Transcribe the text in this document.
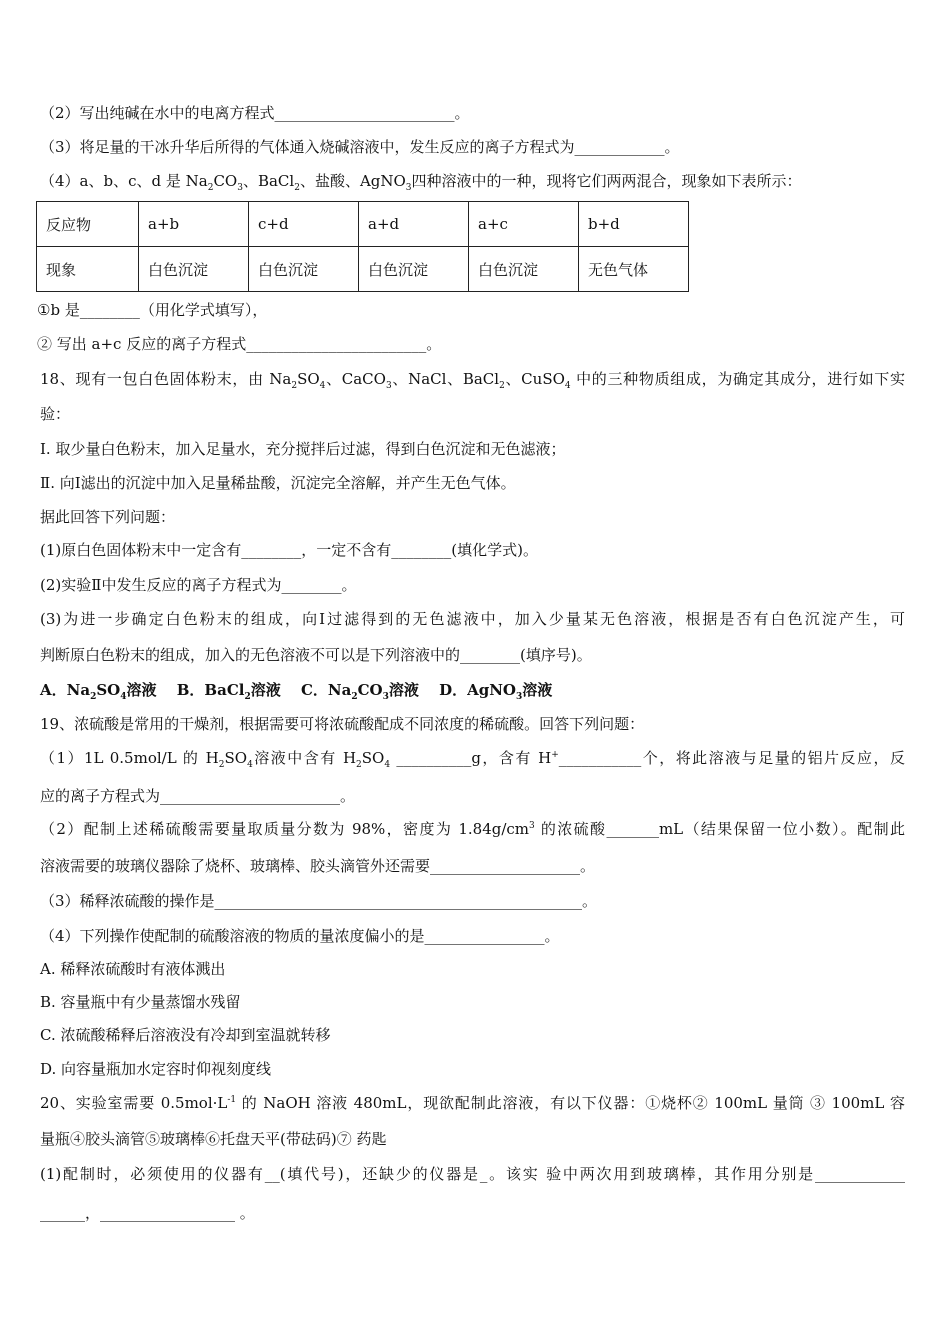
（2）写出纯碱在水中的电离方程式________________________。
（3）将足量的干冰升华后所得的气体通入烧碱溶液中，发生反应的离子方程式为____________。
（4）a、b、c、d 是 $Na_2CO_3$、BaCl$_2$、盐酸、AgNO$_3$四种溶液中的一种，现将它们两两混合，现象如下表所示：
反应物	a+b	c+d	a+d	a+c	b+d
现象	白色沉淀	白色沉淀	白色沉淀	白色沉淀	无色气体
①b 是________（用化学式填写），
② 写出 a+c 反应的离子方程式________________________。
18、现有一包白色固体粉末，由 $Na_2SO_4$、CaCO$_3$、NaCl、BaCl$_2$、CuSO$_4$ 中的三种物质组成，为确定其成分，进行如下实
验：
Ⅰ. 取少量白色粉末，加入足量水，充分搅拌后过滤，得到白色沉淀和无色滤液；
Ⅱ. 向Ⅰ滤出的沉淀中加入足量稀盐酸，沉淀完全溶解，并产生无色气体。
据此回答下列问题：
(1)原白色固体粉末中一定含有________，一定不含有________(填化学式)。
(2)实验Ⅱ中发生反应的离子方程式为________。
(3)为进一步确定白色粉末的组成，向Ⅰ过滤得到的无色滤液中，加入少量某无色溶液，根据是否有白色沉淀产生，可
判断原白色粉末的组成，加入的无色溶液不可以是下列溶液中的________(填序号)。
A．$Na_2SO_4$溶液　 B．BaCl$_2$溶液　 C．$Na_2CO_3$溶液　 D．AgNO$_3$溶液
19、浓硫酸是常用的干燥剂，根据需要可将浓硫酸配成不同浓度的稀硫酸。回答下列问题：
（1）1L 0.5mol/L 的 $H_2SO_4$溶液中含有 $H_2SO_4$ __________g，含有 H+___________个，将此溶液与足量的铝片反应，反
应的离子方程式为________________________。
（2）配制上述稀硫酸需要量取质量分数为 98%，密度为 $1.84g/cm^3$ 的浓硫酸_______mL（结果保留一位小数）。配制此
溶液需要的玻璃仪器除了烧杯、玻璃棒、胶头滴管外还需要____________________。
（3）稀释浓硫酸的操作是_________________________________________________。
（4）下列操作使配制的硫酸溶液的物质的量浓度偏小的是________________。
A. 稀释浓硫酸时有液体溅出
B. 容量瓶中有少量蒸馏水残留
C. 浓硫酸稀释后溶液没有冷却到室温就转移
D. 向容量瓶加水定容时仰视刻度线
20、实验室需要 $0.5mol\cdot L^{-1}$ 的 NaOH 溶液 480mL，现欲配制此溶液，有以下仪器：①烧杯② 100mL 量筒 ③ 100mL 容
量瓶④胶头滴管⑤玻璃棒⑥托盘天平(带砝码)⑦ 药匙
(1)配制时，必须使用的仪器有__(填代号)，还缺少的仪器是_。该实 验中两次用到玻璃棒，其作用分别是____________
______，__________________ 。
